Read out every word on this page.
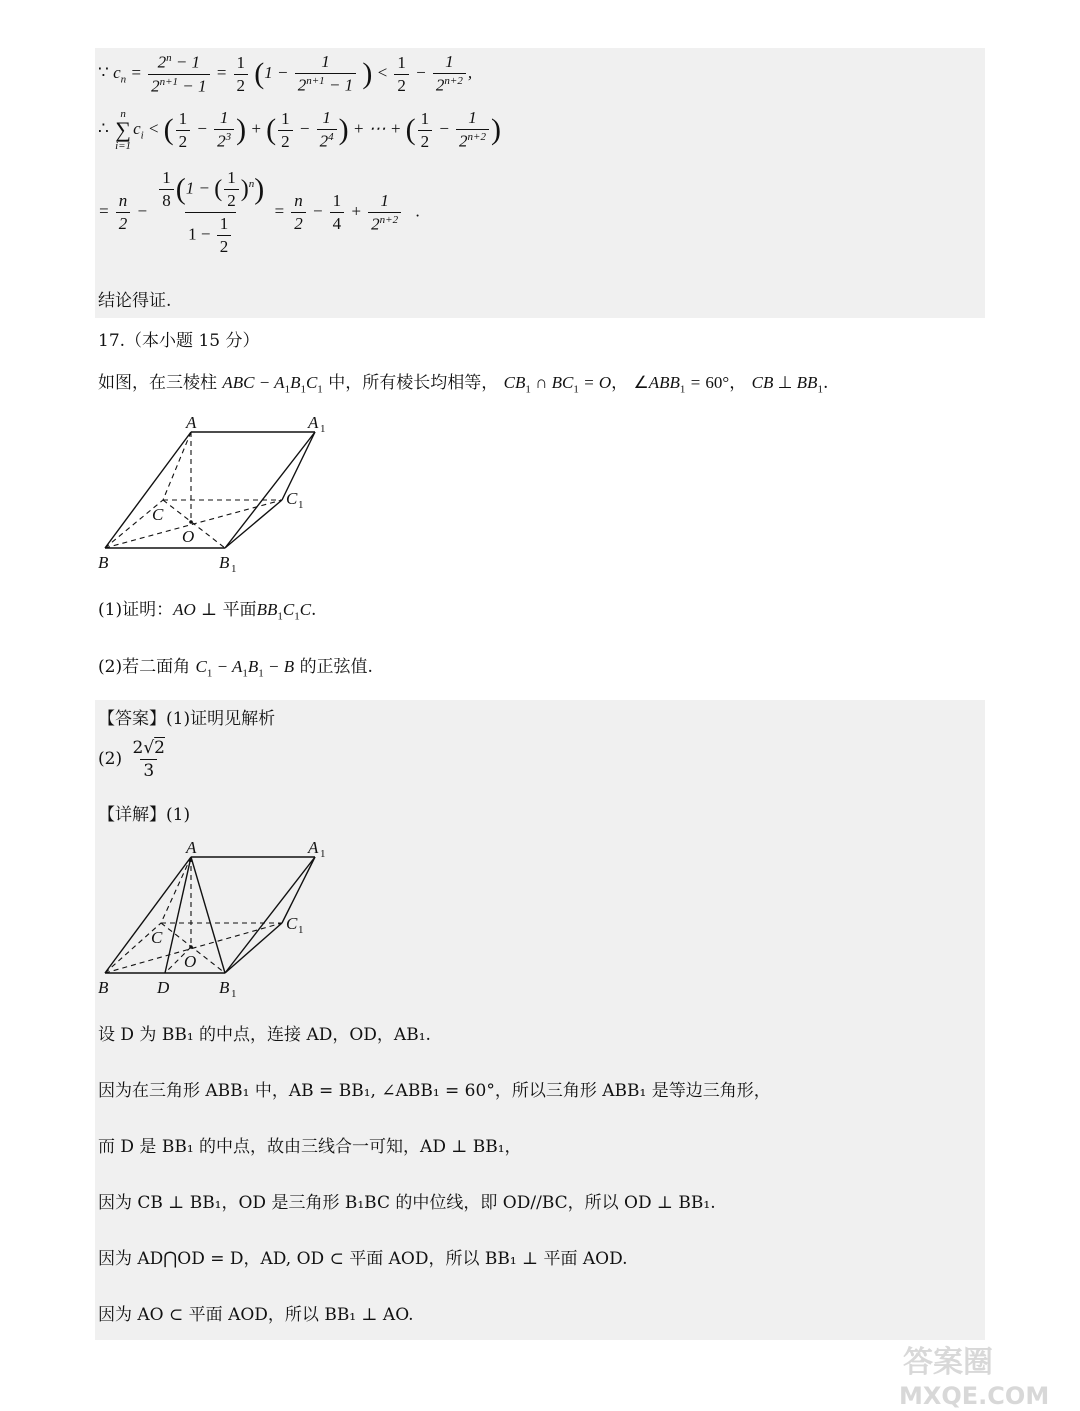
∵ $c_n = \frac{2^n - 1}{2^{n+1} - 1} = \frac{1}{2} (1 - \frac{1}{2^{n+1} - 1}$ ) < $\frac{1}{2} - \frac{1}{2^{n+2}}$ ,
∴
n
∑
i=1
$c_i$ < ( $\frac{1}{2} - \frac{1}{2^3}$ ) + ( $\frac{1}{2} - \frac{1}{2^4}$ ) + ⋯ + ( $\frac{1}{2} - \frac{1}{2^{n+2}}$ )
= $\frac{n}{2} - \frac{\frac{1}{8} (1 - ( \frac{1}{2} )^n)}{1 - \frac{1}{2}} = \frac{n}{2} - \frac{1}{4} + \frac{1}{2^{n+2}}$ .
结论得证.
17.（本小题 15 分）
如图，在三棱柱 ABC − $A_1B_1C_1$ 中，所有棱长均相等， $CB_1$ ∩ $BC_1 = O$， $\angle ABB_1 = 60^\circ$， CB ⊥ $BB_1$.
A	A 1
C
C 1
O
B	B 1
(1)证明：AO ⊥ 平面$BB_1C_1C$.
(2)若二面角 $C_1 - A_1B_1 - B$ 的正弦值.
【答案】(1)证明见解析
$(2) \frac{2√2}{3}$
【详解】(1)
A	A 1
C
C 1
O
B	D	B 1
设 D 为 BB₁ 的中点，连接 AD，OD，AB₁.
因为在三角形 ABB₁ 中，AB = BB₁, ∠ABB₁ = 60°，所以三角形 ABB₁ 是等边三角形，
而 D 是 BB₁ 的中点，故由三线合一可知，AD ⊥ BB₁，
因为 CB ⊥ BB₁，OD 是三角形 B₁BC 的中位线，即 OD//BC，所以 OD ⊥ BB₁.
因为 AD⋂OD = D，AD, OD ⊂ 平面 AOD，所以 BB₁ ⊥ 平面 AOD.
因为 AO ⊂ 平面 AOD，所以 BB₁ ⊥ AO.
答案圈
MXQE.COM
